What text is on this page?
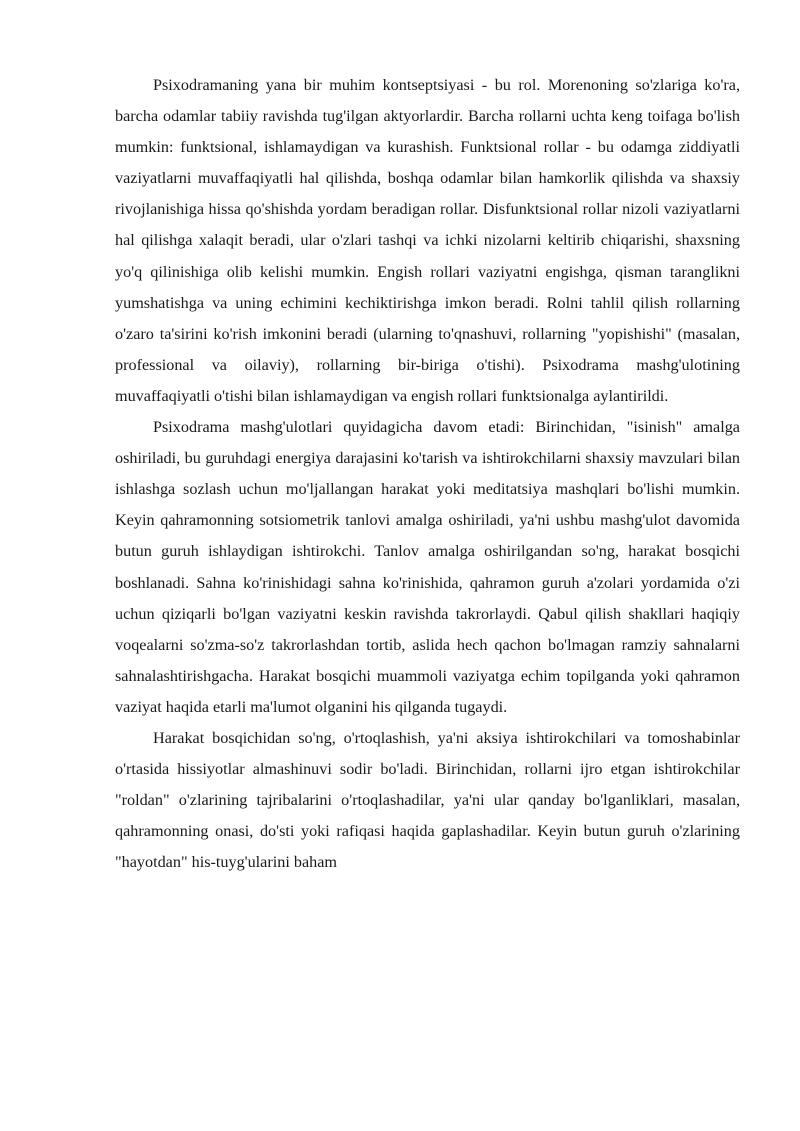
Psixodramaning yana bir muhim kontseptsiyasi - bu rol. Morenoning so'zlariga ko'ra, barcha odamlar tabiiy ravishda tug'ilgan aktyorlardir. Barcha rollarni uchta keng toifaga bo'lish mumkin: funktsional, ishlamaydigan va kurashish. Funktsional rollar - bu odamga ziddiyatli vaziyatlarni muvaffaqiyatli hal qilishda, boshqa odamlar bilan hamkorlik qilishda va shaxsiy rivojlanishiga hissa qo'shishda yordam beradigan rollar. Disfunktsional rollar nizoli vaziyatlarni hal qilishga xalaqit beradi, ular o'zlari tashqi va ichki nizolarni keltirib chiqarishi, shaxsning yo'q qilinishiga olib kelishi mumkin. Engish rollari vaziyatni engishga, qisman taranglikni yumshatishga va uning echimini kechiktirishga imkon beradi. Rolni tahlil qilish rollarning o'zaro ta'sirini ko'rish imkonini beradi (ularning to'qnashuvi, rollarning "yopishishi" (masalan, professional va oilaviy), rollarning bir-biriga o'tishi). Psixodrama mashg'ulotining muvaffaqiyatli o'tishi bilan ishlamaydigan va engish rollari funktsionalga aylantirildi.

Psixodrama mashg'ulotlari quyidagicha davom etadi: Birinchidan, "isinish" amalga oshiriladi, bu guruhdagi energiya darajasini ko'tarish va ishtirokchilarni shaxsiy mavzulari bilan ishlashga sozlash uchun mo'ljallangan harakat yoki meditatsiya mashqlari bo'lishi mumkin. Keyin qahramonning sotsiometrik tanlovi amalga oshiriladi, ya'ni ushbu mashg'ulot davomida butun guruh ishlaydigan ishtirokchi. Tanlov amalga oshirilgandan so'ng, harakat bosqichi boshlanadi. Sahna ko'rinishidagi sahna ko'rinishida, qahramon guruh a'zolari yordamida o'zi uchun qiziqarli bo'lgan vaziyatni keskin ravishda takrorlaydi. Qabul qilish shakllari haqiqiy voqealarni so'zma-so'z takrorlashdan tortib, aslida hech qachon bo'lmagan ramziy sahnalarni sahnalashtirishgacha. Harakat bosqichi muammoli vaziyatga echim topilganda yoki qahramon vaziyat haqida etarli ma'lumot olganini his qilganda tugaydi.

Harakat bosqichidan so'ng, o'rtoqlashish, ya'ni aksiya ishtirokchilari va tomoshabinlar o'rtasida hissiyotlar almashinuvi sodir bo'ladi. Birinchidan, rollarni ijro etgan ishtirokchilar "roldan" o'zlarining tajribalarini o'rtoqlashadilar, ya'ni ular qanday bo'lganliklari, masalan, qahramonning onasi, do'sti yoki rafiqasi haqida gaplashadilar. Keyin butun guruh o'zlarining "hayotdan" his-tuyg'ularini baham
